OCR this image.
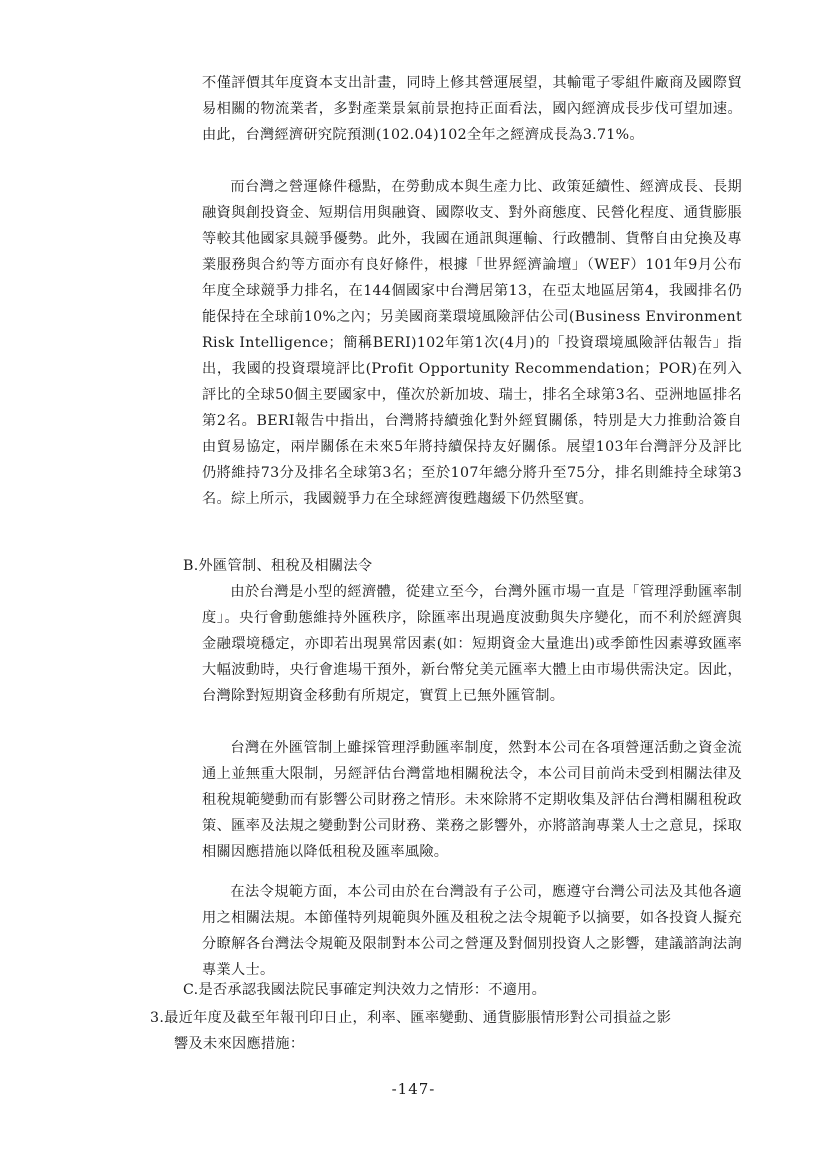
不僅評價其年度資本支出計畫，同時上修其營運展望，其輸電子零組件廠商及國際貿易相關的物流業者，多對產業景氣前景抱持正面看法，國內經濟成長步伐可望加速。由此，台灣經濟研究院預測(102.04)102全年之經濟成長為3.71%。

而台灣之營運條件穩點，在勞動成本與生產力比、政策延續性、經濟成長、長期融資與創投資金、短期信用與融資、國際收支、對外商態度、民營化程度、通貨膨脹等較其他國家具競爭優勢。此外，我國在通訊與運輸、行政體制、貨幣自由兌換及專業服務與合約等方面亦有良好條件，根據「世界經濟論壇」（WEF）101年9月公布年度全球競爭力排名，在144個國家中台灣居第13，在亞太地區居第4，我國排名仍能保持在全球前10%之內；另美國商業環境風險評估公司(Business Environment Risk Intelligence；簡稱BERI)102年第1次(4月)的「投資環境風險評估報告」指出，我國的投資環境評比(Profit Opportunity Recommendation；POR)在列入評比的全球50個主要國家中，僅次於新加坡、瑞士，排名全球第3名、亞洲地區排名第2名。BERI報告中指出，台灣將持續強化對外經貿關係，特別是大力推動洽簽自由貿易協定，兩岸關係在未來5年將持續保持友好關係。展望103年台灣評分及評比仍將維持73分及排名全球第3名；至於107年總分將升至75分，排名則維持全球第3名。綜上所示，我國競爭力在全球經濟復甦趨緩下仍然堅實。

B.外匯管制、租稅及相關法令

由於台灣是小型的經濟體，從建立至今，台灣外匯市場一直是「管理浮動匯率制度」。央行會動態維持外匯秩序，除匯率出現過度波動與失序變化，而不利於經濟與金融環境穩定，亦即若出現異常因素(如：短期資金大量進出)或季節性因素導致匯率大幅波動時，央行會進場干預外，新台幣兌美元匯率大體上由市場供需決定。因此，台灣除對短期資金移動有所規定，實質上已無外匯管制。

台灣在外匯管制上雖採管理浮動匯率制度，然對本公司在各項營運活動之資金流通上並無重大限制，另經評估台灣當地相關稅法令，本公司目前尚未受到相關法律及租稅規範變動而有影響公司財務之情形。未來除將不定期收集及評估台灣相關租稅政策、匯率及法規之變動對公司財務、業務之影響外，亦將諮詢專業人士之意見，採取相關因應措施以降低租稅及匯率風險。

在法令規範方面，本公司由於在台灣設有子公司，應遵守台灣公司法及其他各適用之相關法規。本節僅特列規範與外匯及租稅之法令規範予以摘要，如各投資人擬充分瞭解各台灣法令規範及限制對本公司之營運及對個別投資人之影響，建議諮詢法詢專業人士。

C.是否承認我國法院民事確定判決效力之情形：不適用。

3.最近年度及截至年報刊印日止，利率、匯率變動、通貨膨脹情形對公司損益之影

響及未來因應措施：

-147-
